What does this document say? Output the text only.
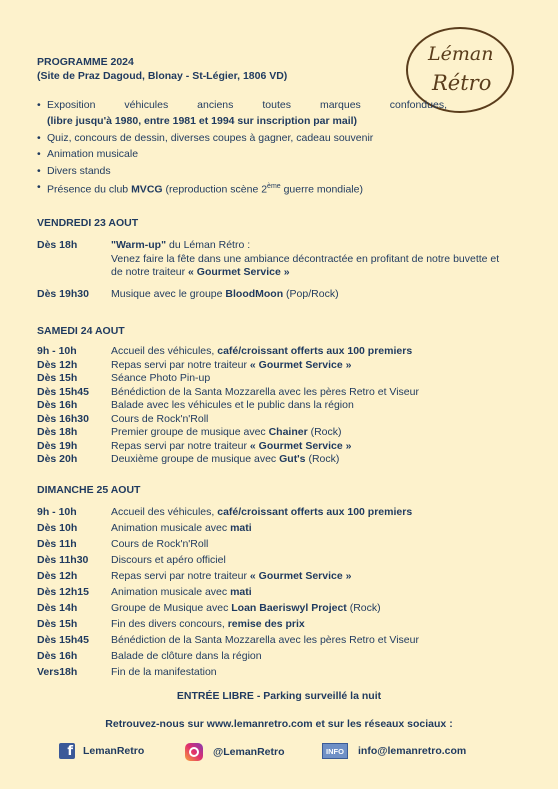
PROGRAMME 2024
(Site de Praz Dagoud, Blonay - St-Légier, 1806 VD)
Léman
Rétro
• Exposition véhicules anciens toutes marques confondues,
(libre jusqu'à 1980, entre 1981 et 1994 sur inscription par mail)
• Quiz, concours de dessin, diverses coupes à gagner, cadeau souvenir
• Animation musicale
• Divers stands
• Présence du club MVCG (reproduction scène 2ème guerre mondiale)
VENDREDI 23 AOUT
Dès 18h	"Warm-up" du Léman Rétro :
Venez faire la fête dans une ambiance décontractée en profitant de notre buvette et de notre traiteur « Gourmet Service »
Dès 19h30	Musique avec le groupe BloodMoon (Pop/Rock)
SAMEDI 24 AOUT
9h - 10h	Accueil des véhicules, café/croissant offerts aux 100 premiers
Dès 12h	Repas servi par notre traiteur « Gourmet Service »
Dès 15h	Séance Photo Pin-up
Dès 15h45	Bénédiction de la Santa Mozzarella avec les pères Retro et Viseur
Dès 16h	Balade avec les véhicules et le public dans la région
Dès 16h30	Cours de Rock'n'Roll
Dès 18h	Premier groupe de musique avec Chainer (Rock)
Dès 19h	Repas servi par notre traiteur « Gourmet Service »
Dès 20h	Deuxième groupe de musique avec Gut's (Rock)
DIMANCHE 25 AOUT
9h - 10h	Accueil des véhicules, café/croissant offerts aux 100 premiers
Dès 10h	Animation musicale avec mati
Dès 11h	Cours de Rock'n'Roll
Dès 11h30	Discours et apéro officiel
Dès 12h	Repas servi par notre traiteur « Gourmet Service »
Dès 12h15	Animation musicale avec mati
Dès 14h	Groupe de Musique avec Loan Baeriswyl Project (Rock)
Dès 15h	Fin des divers concours, remise des prix
Dès 15h45	Bénédiction de la Santa Mozzarella avec les pères Retro et Viseur
Dès 16h	Balade de clôture dans la région
Vers18h	Fin de la manifestation
ENTRÉE LIBRE - Parking surveillé la nuit
Retrouvez-nous sur www.lemanretro.com et sur les réseaux sociaux :
f LemanRetro	@LemanRetro	INFO	info@lemanretro.com
